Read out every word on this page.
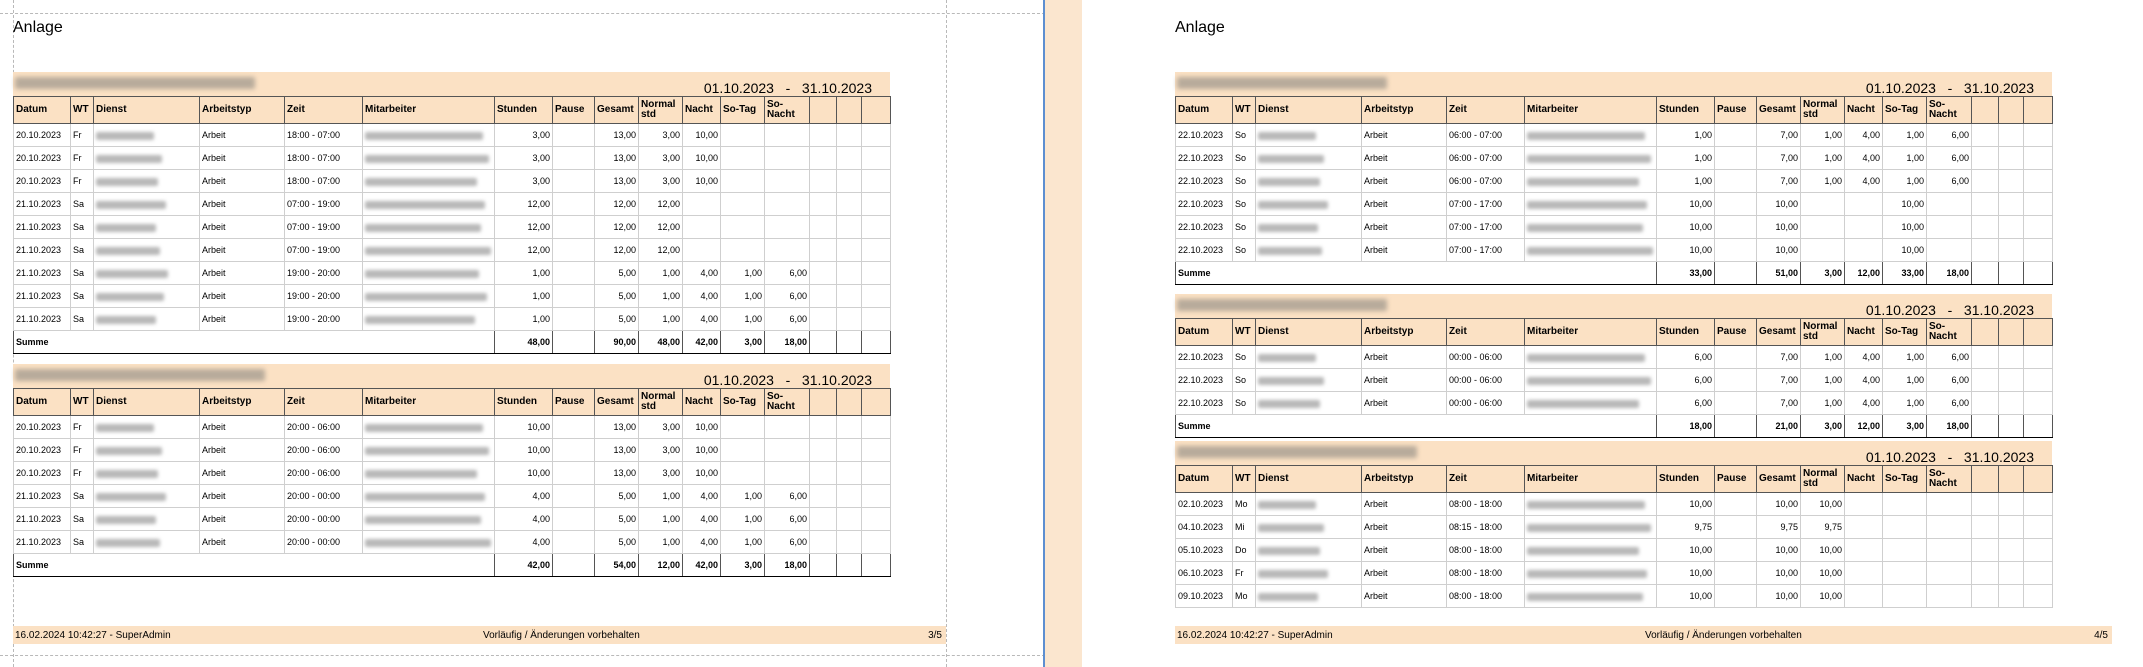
Anlage
01.10.2023   -   31.10.2023
Datum	WT	Dienst	Arbeitstyp	Zeit	Mitarbeiter	Stunden	Pause	Gesamt	Normal std	Nacht	So-Tag	So-Nacht			
20.10.2023	Fr		Arbeit	18:00 - 07:00		3,00		13,00	3,00	10,00					
20.10.2023	Fr		Arbeit	18:00 - 07:00		3,00		13,00	3,00	10,00					
20.10.2023	Fr		Arbeit	18:00 - 07:00		3,00		13,00	3,00	10,00					
21.10.2023	Sa		Arbeit	07:00 - 19:00		12,00		12,00	12,00						
21.10.2023	Sa		Arbeit	07:00 - 19:00		12,00		12,00	12,00						
21.10.2023	Sa		Arbeit	07:00 - 19:00		12,00		12,00	12,00						
21.10.2023	Sa		Arbeit	19:00 - 20:00		1,00		5,00	1,00	4,00	1,00	6,00			
21.10.2023	Sa		Arbeit	19:00 - 20:00		1,00		5,00	1,00	4,00	1,00	6,00			
21.10.2023	Sa		Arbeit	19:00 - 20:00		1,00		5,00	1,00	4,00	1,00	6,00			
Summe						48,00		90,00	48,00	42,00	3,00	18,00			
01.10.2023   -   31.10.2023
Datum	WT	Dienst	Arbeitstyp	Zeit	Mitarbeiter	Stunden	Pause	Gesamt	Normal std	Nacht	So-Tag	So-Nacht			
20.10.2023	Fr		Arbeit	20:00 - 06:00		10,00		13,00	3,00	10,00					
20.10.2023	Fr		Arbeit	20:00 - 06:00		10,00		13,00	3,00	10,00					
20.10.2023	Fr		Arbeit	20:00 - 06:00		10,00		13,00	3,00	10,00					
21.10.2023	Sa		Arbeit	20:00 - 00:00		4,00		5,00	1,00	4,00	1,00	6,00			
21.10.2023	Sa		Arbeit	20:00 - 00:00		4,00		5,00	1,00	4,00	1,00	6,00			
21.10.2023	Sa		Arbeit	20:00 - 00:00		4,00		5,00	1,00	4,00	1,00	6,00			
Summe						42,00		54,00	12,00	42,00	3,00	18,00			
16.02.2024 10:42:27 - SuperAdmin	Vorläufig / Änderungen vorbehalten	3/5
Anlage
01.10.2023   -   31.10.2023
Datum	WT	Dienst	Arbeitstyp	Zeit	Mitarbeiter	Stunden	Pause	Gesamt	Normal std	Nacht	So-Tag	So-Nacht			
22.10.2023	So		Arbeit	06:00 - 07:00		1,00		7,00	1,00	4,00	1,00	6,00			
22.10.2023	So		Arbeit	06:00 - 07:00		1,00		7,00	1,00	4,00	1,00	6,00			
22.10.2023	So		Arbeit	06:00 - 07:00		1,00		7,00	1,00	4,00	1,00	6,00			
22.10.2023	So		Arbeit	07:00 - 17:00		10,00		10,00			10,00				
22.10.2023	So		Arbeit	07:00 - 17:00		10,00		10,00			10,00				
22.10.2023	So		Arbeit	07:00 - 17:00		10,00		10,00			10,00				
Summe						33,00		51,00	3,00	12,00	33,00	18,00			
01.10.2023   -   31.10.2023
Datum	WT	Dienst	Arbeitstyp	Zeit	Mitarbeiter	Stunden	Pause	Gesamt	Normal std	Nacht	So-Tag	So-Nacht			
22.10.2023	So		Arbeit	00:00 - 06:00		6,00		7,00	1,00	4,00	1,00	6,00			
22.10.2023	So		Arbeit	00:00 - 06:00		6,00		7,00	1,00	4,00	1,00	6,00			
22.10.2023	So		Arbeit	00:00 - 06:00		6,00		7,00	1,00	4,00	1,00	6,00			
Summe						18,00		21,00	3,00	12,00	3,00	18,00			
01.10.2023   -   31.10.2023
Datum	WT	Dienst	Arbeitstyp	Zeit	Mitarbeiter	Stunden	Pause	Gesamt	Normal std	Nacht	So-Tag	So-Nacht			
02.10.2023	Mo		Arbeit	08:00 - 18:00		10,00		10,00	10,00						
04.10.2023	Mi		Arbeit	08:15 - 18:00		9,75		9,75	9,75						
05.10.2023	Do		Arbeit	08:00 - 18:00		10,00		10,00	10,00						
06.10.2023	Fr		Arbeit	08:00 - 18:00		10,00		10,00	10,00						
09.10.2023	Mo		Arbeit	08:00 - 18:00		10,00		10,00	10,00						
16.02.2024 10:42:27 - SuperAdmin	Vorläufig / Änderungen vorbehalten	4/5
